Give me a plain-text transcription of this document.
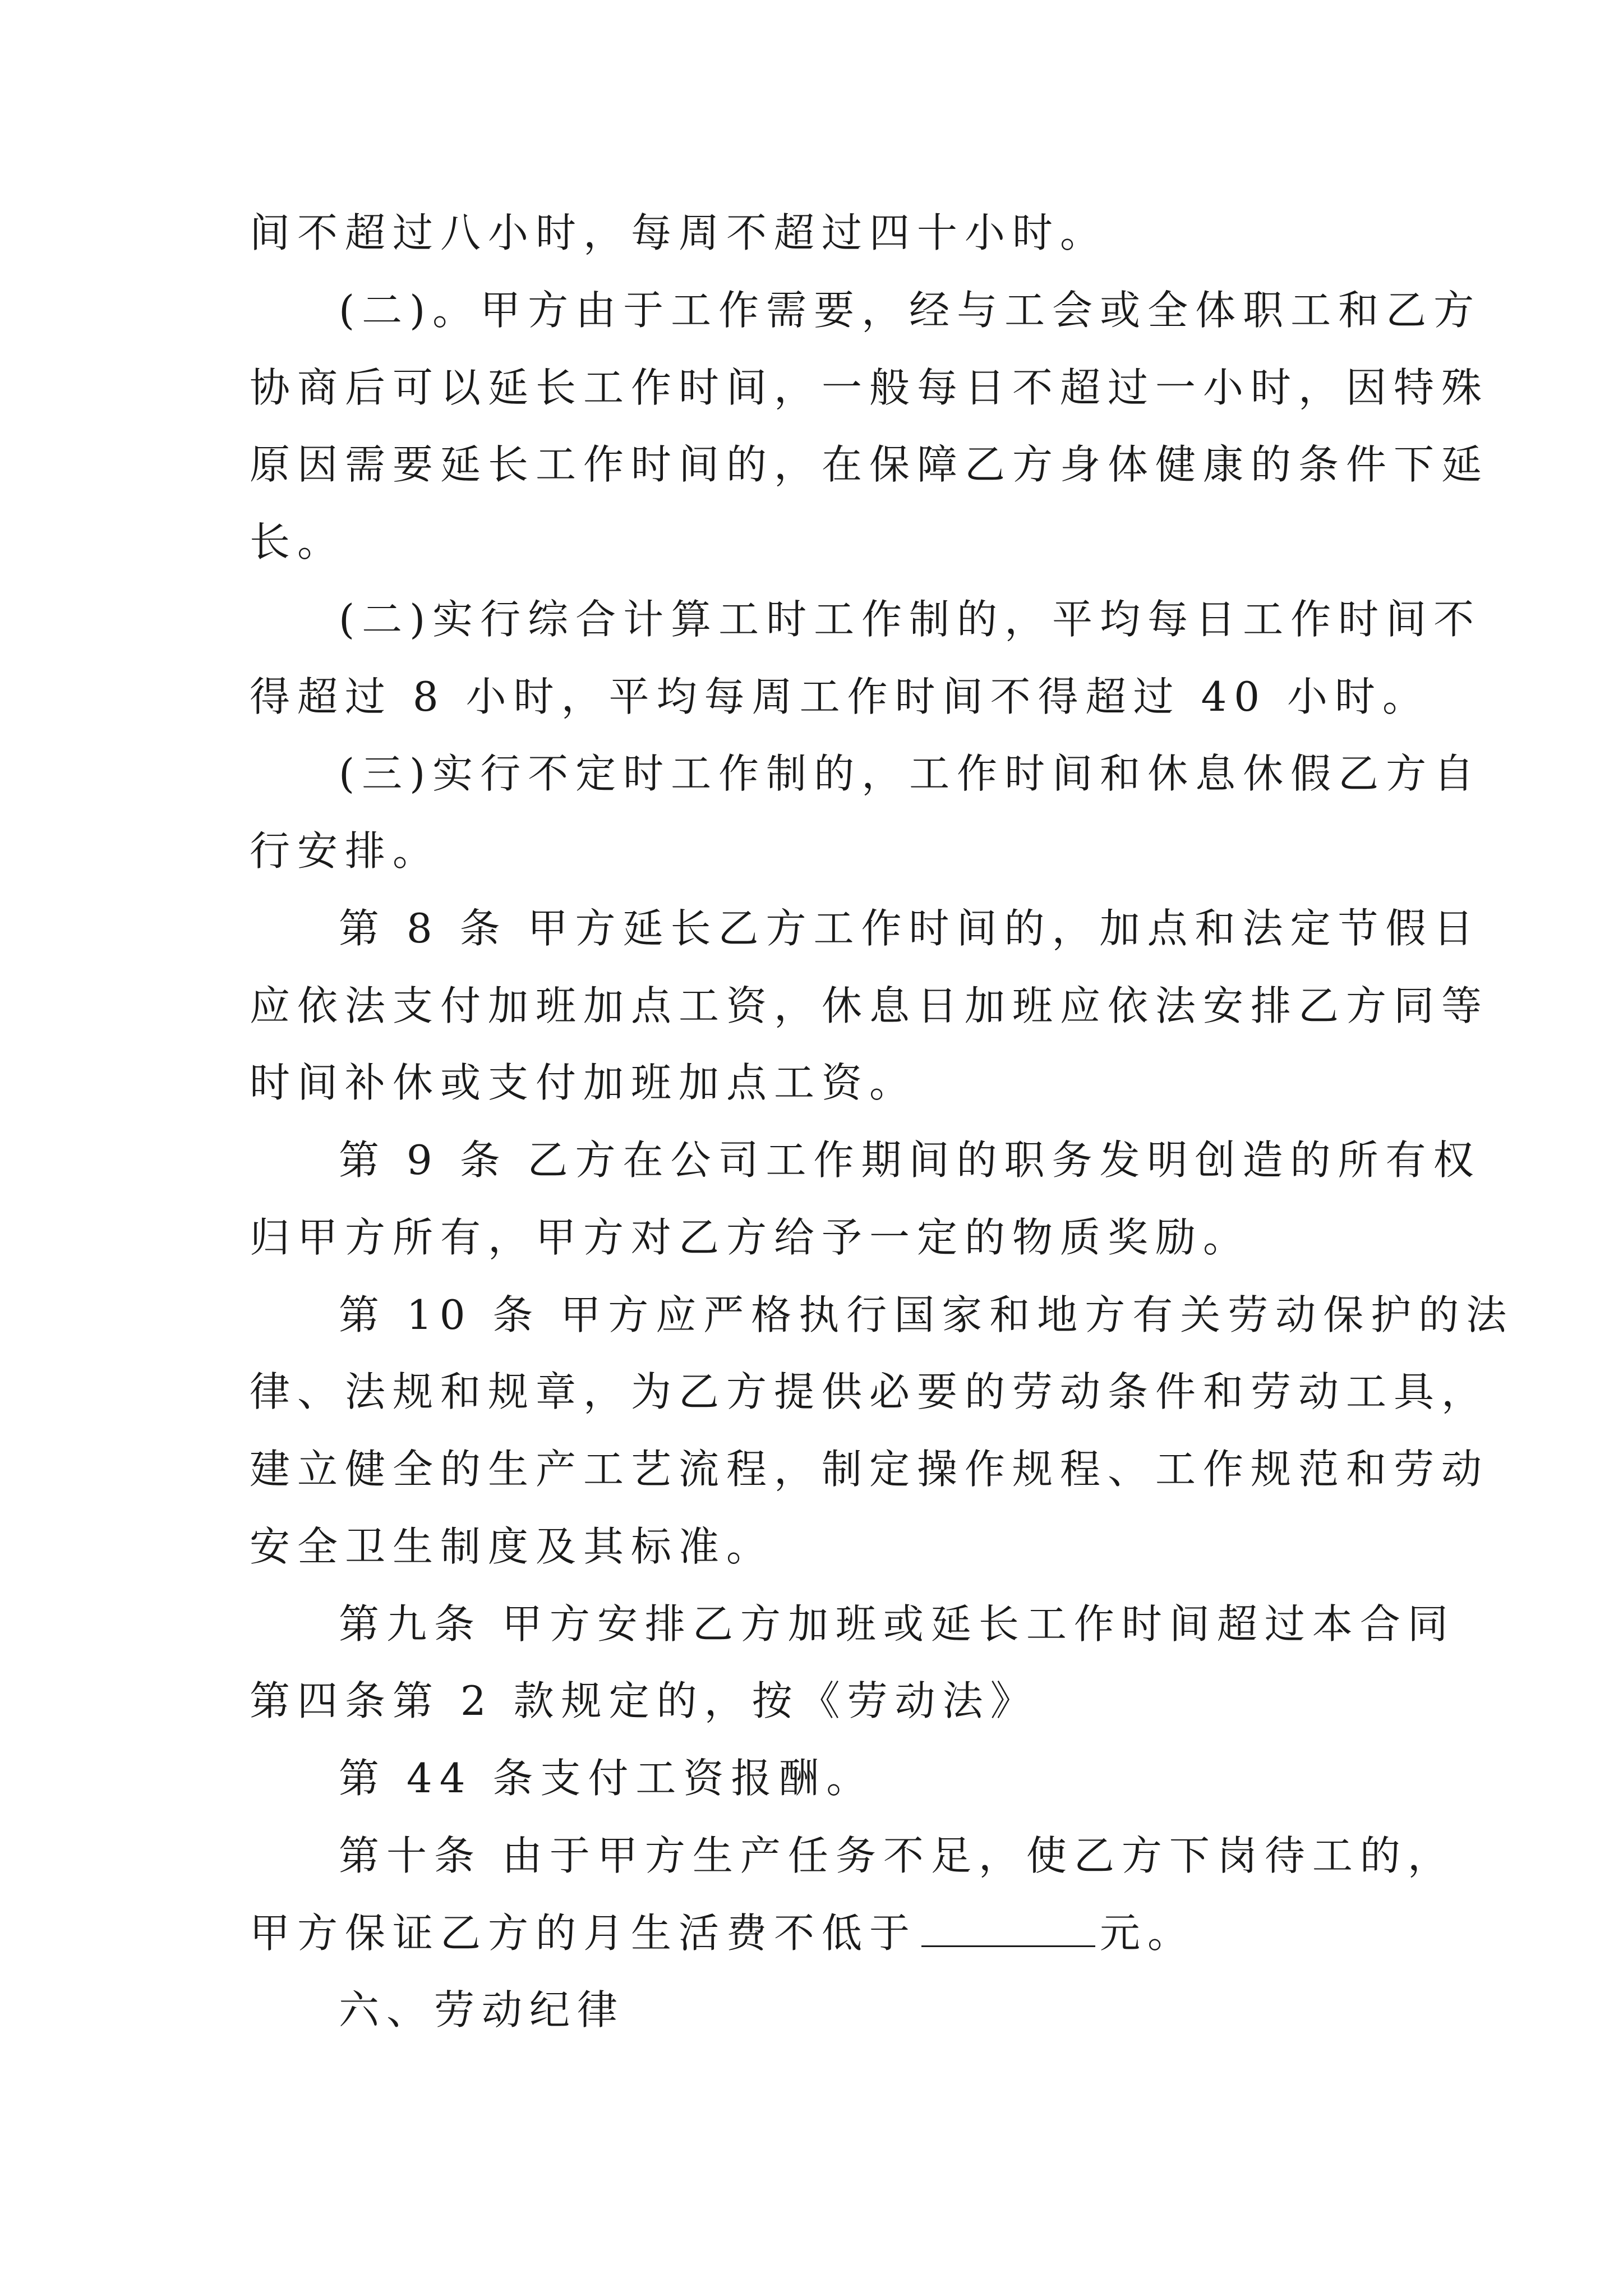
间不超过八小时，每周不超过四十小时。

(二)。甲方由于工作需要，经与工会或全体职工和乙方

协商后可以延长工作时间，一般每日不超过一小时，因特殊

原因需要延长工作时间的，在保障乙方身体健康的条件下延

长。

(二)实行综合计算工时工作制的，平均每日工作时间不

得超过 8 小时，平均每周工作时间不得超过 40 小时。

(三)实行不定时工作制的，工作时间和休息休假乙方自

行安排。

第 8 条 甲方延长乙方工作时间的，加点和法定节假日

应依法支付加班加点工资，休息日加班应依法安排乙方同等

时间补休或支付加班加点工资。

第 9 条 乙方在公司工作期间的职务发明创造的所有权

归甲方所有，甲方对乙方给予一定的物质奖励。

第 10 条 甲方应严格执行国家和地方有关劳动保护的法

律、法规和规章，为乙方提供必要的劳动条件和劳动工具，

建立健全的生产工艺流程，制定操作规程、工作规范和劳动

安全卫生制度及其标准。

第九条 甲方安排乙方加班或延长工作时间超过本合同

第四条第 2 款规定的，按《劳动法》

第 44 条支付工资报酬。

第十条 由于甲方生产任务不足，使乙方下岗待工的，

甲方保证乙方的月生活费不低于	元。

六、劳动纪律
